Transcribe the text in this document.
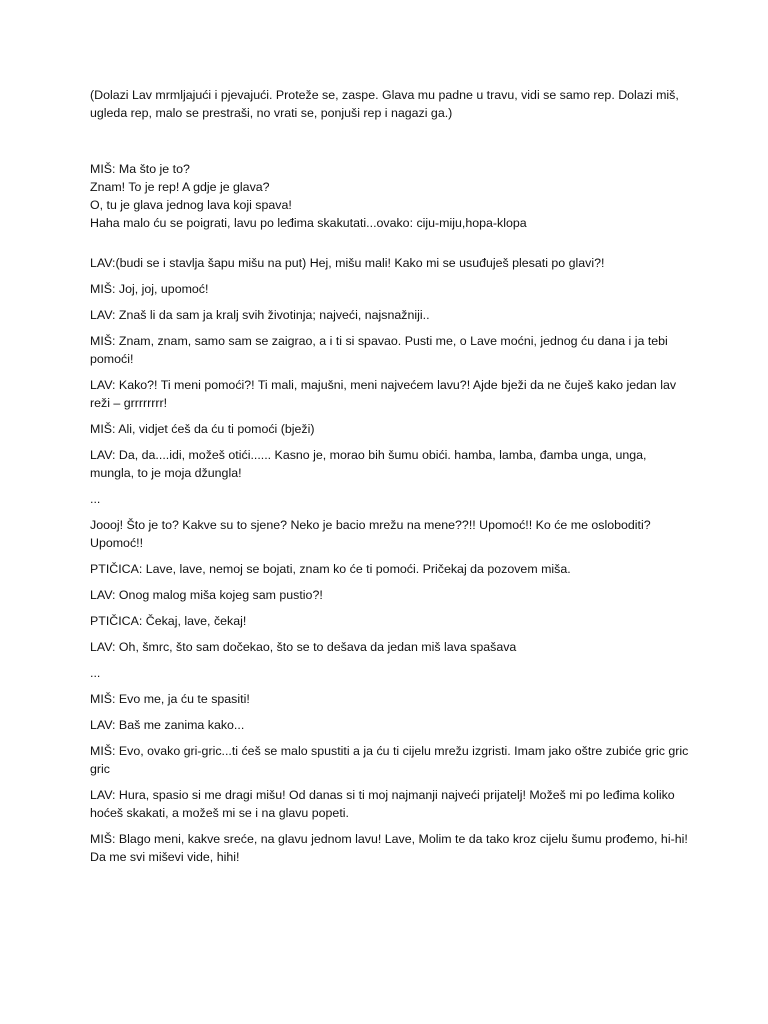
(Dolazi Lav mrmljajući i pjevajući. Proteže se, zaspe. Glava mu padne u travu, vidi se samo rep. Dolazi miš, ugleda rep, malo se prestraši, no vrati se, ponjuši rep i nagazi ga.)

MIŠ: Ma što je to?

Znam! To je rep! A gdje je glava?

O, tu je glava jednog lava koji spava!

Haha malo ću se poigrati, lavu po leđima skakutati...ovako: ciju-miju,hopa-klopa

LAV:(budi se i stavlja šapu mišu na put) Hej, mišu mali! Kako mi se usuđuješ plesati po glavi?!

MIŠ: Joj, joj, upomoć!

LAV: Znaš li da sam ja kralj svih životinja; najveći, najsnažniji..

MIŠ: Znam, znam, samo sam se zaigrao, a i ti si spavao. Pusti me, o Lave moćni, jednog ću dana i ja tebi pomoći!

LAV: Kako?! Ti meni pomoći?! Ti mali, majušni, meni najvećem lavu?! Ajde bježi da ne čuješ kako jedan lav reži – grrrrrrrr!

MIŠ: Ali, vidjet ćeš da ću ti pomoći (bježi)

LAV: Da, da....idi, možeš otići...... Kasno je, morao bih šumu obići. hamba, lamba, đamba unga, unga, mungla, to je moja džungla!

...

Joooj! Što je to? Kakve su to sjene? Neko je bacio mrežu na mene??!! Upomoć!! Ko će me osloboditi? Upomoć!!

PTIČICA: Lave, lave, nemoj se bojati, znam ko će ti pomoći. Pričekaj da pozovem miša.

LAV: Onog malog miša kojeg sam pustio?!

PTIČICA: Čekaj, lave, čekaj!

LAV: Oh, šmrc, što sam dočekao, što se to dešava da jedan miš lava spašava

...

MIŠ: Evo me, ja ću te spasiti!

LAV: Baš me zanima kako...

MIŠ: Evo, ovako gri-gric...ti ćeš se malo spustiti a ja ću ti cijelu mrežu izgristi. Imam jako oštre zubiće gric gric gric

LAV: Hura, spasio si me dragi mišu! Od danas si ti moj najmanji najveći prijatelj! Možeš mi po leđima koliko hoćeš skakati, a možeš mi se i na glavu popeti.

MIŠ: Blago meni, kakve sreće, na glavu jednom lavu! Lave, Molim te da tako kroz cijelu šumu prođemo, hi-hi! Da me svi miševi vide, hihi!
